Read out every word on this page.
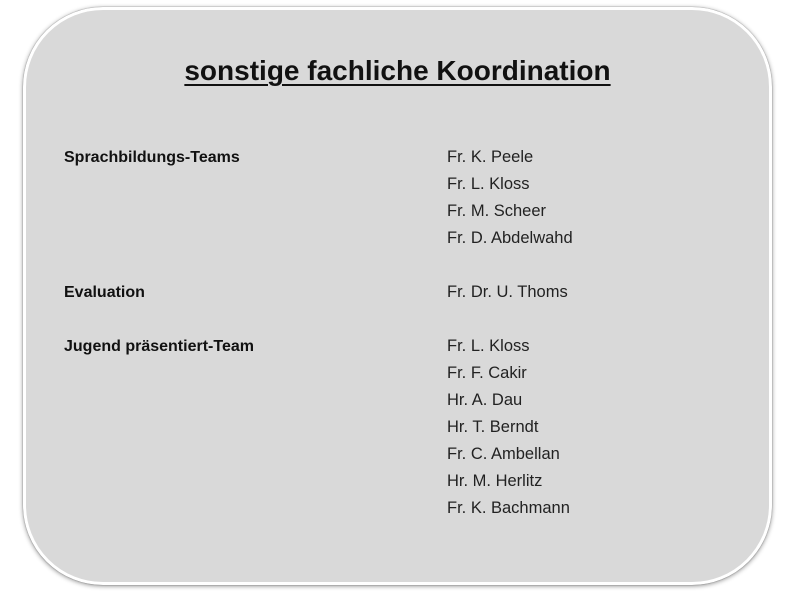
sonstige fachliche Koordination
Sprachbildungs-Teams	Fr. K. Peele
Fr. L. Kloss
Fr. M. Scheer
Fr. D. Abdelwahd
Evaluation	Fr. Dr. U. Thoms
Jugend präsentiert-Team	Fr. L. Kloss
Fr. F. Cakir
Hr. A. Dau
Hr. T. Berndt
Fr. C. Ambellan
Hr. M. Herlitz
Fr. K. Bachmann
